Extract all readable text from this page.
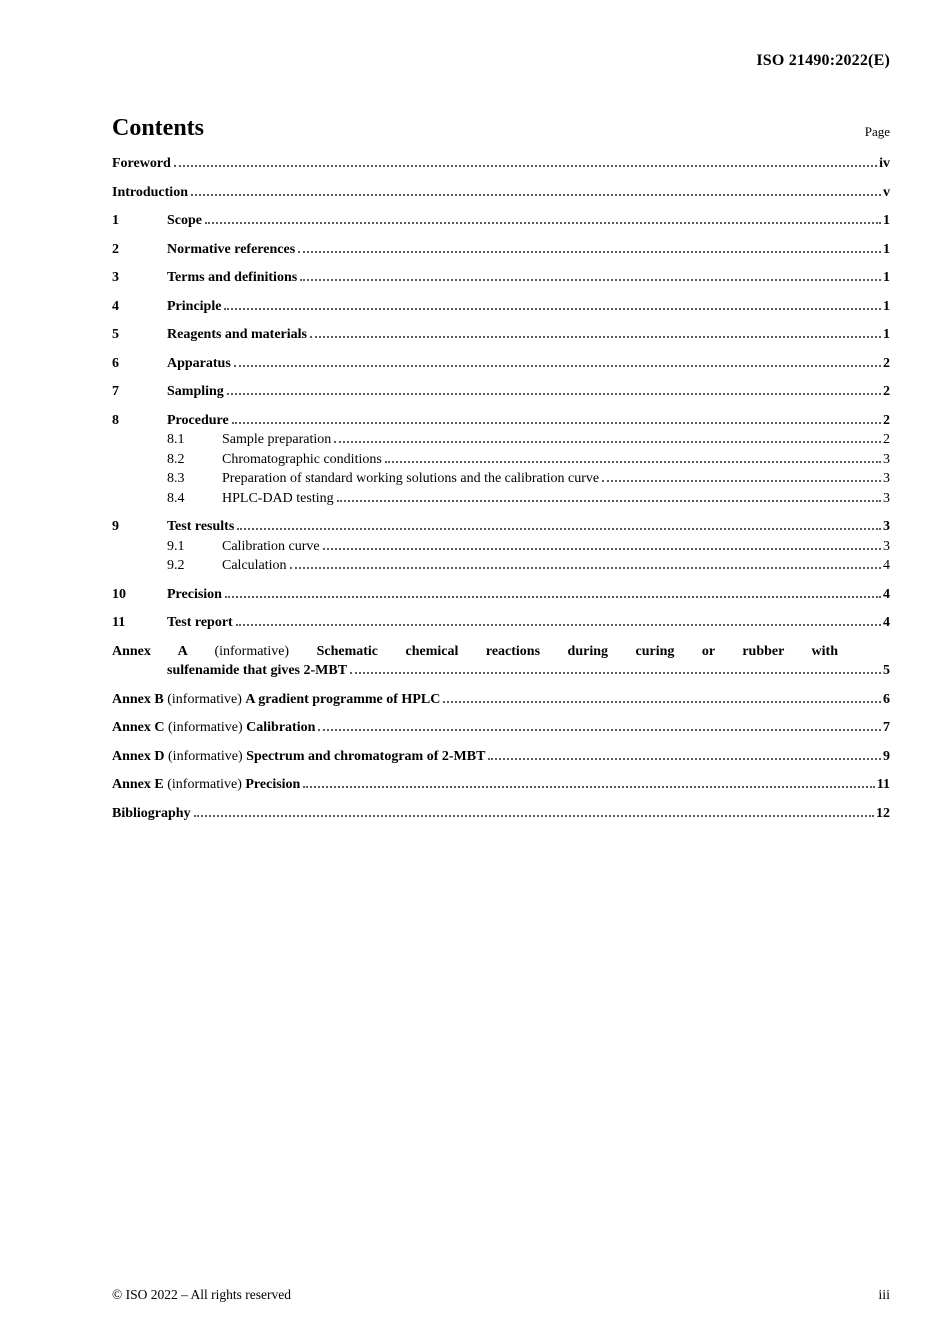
ISO 21490:2022(E)
Contents	Page
Foreword	iv
Introduction	v
1	Scope	1
2	Normative references	1
3	Terms and definitions	1
4	Principle	1
5	Reagents and materials	1
6	Apparatus	2
7	Sampling	2
8	Procedure	2
8.1	Sample preparation	2
8.2	Chromatographic conditions	3
8.3	Preparation of standard working solutions and the calibration curve	3
8.4	HPLC-DAD testing	3
9	Test results	3
9.1	Calibration curve	3
9.2	Calculation	4
10	Precision	4
11	Test report	4
Annex A (informative) Schematic chemical reactions during curing or rubber with
sulfenamide that gives 2-MBT	5
Annex B (informative) A gradient programme of HPLC	6
Annex C (informative) Calibration	7
Annex D (informative) Spectrum and chromatogram of 2-MBT	9
Annex E (informative) Precision	11
Bibliography	12
© ISO 2022 – All rights reserved	iii
